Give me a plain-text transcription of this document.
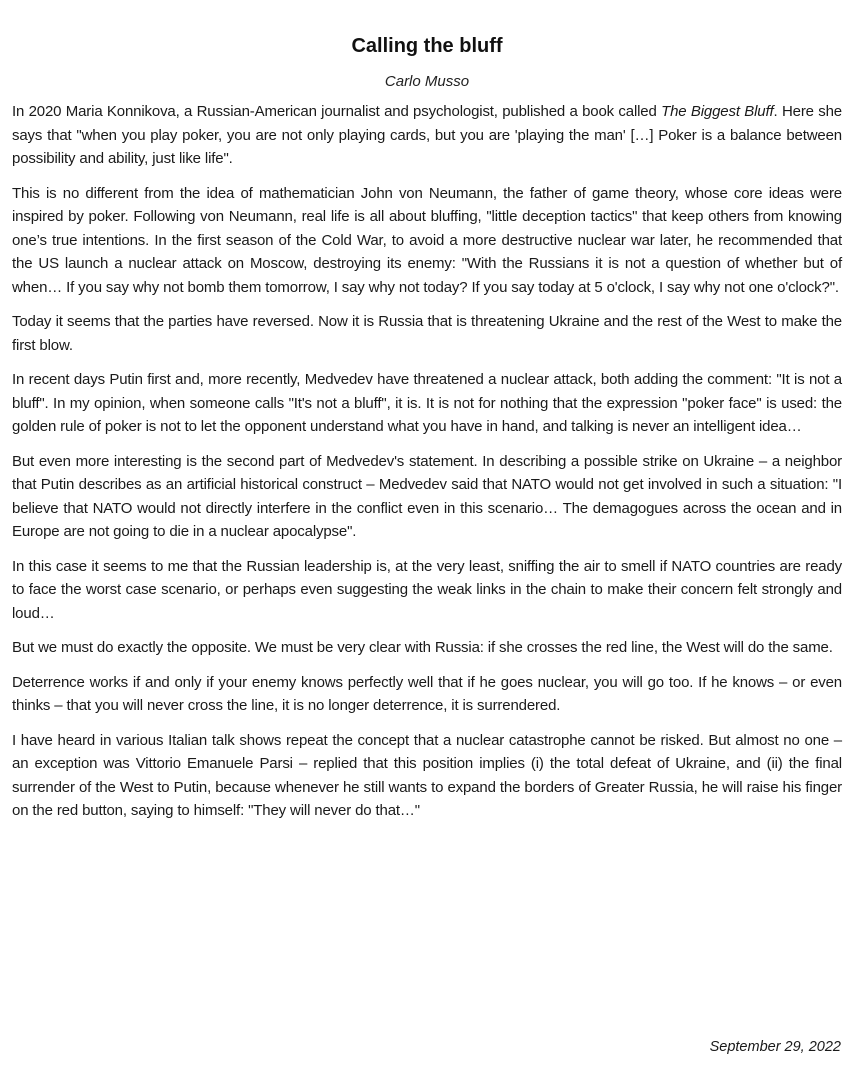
Calling the bluff
Carlo Musso

In 2020 Maria Konnikova, a Russian-American journalist and psychologist, published a book called The Biggest Bluff. Here she says that "when you play poker, you are not only playing cards, but you are 'playing the man' […] Poker is a balance between possibility and ability, just like life".

This is no different from the idea of mathematician John von Neumann, the father of game theory, whose core ideas were inspired by poker. Following von Neumann, real life is all about bluffing, "little deception tactics" that keep others from knowing one’s true intentions. In the first season of the Cold War, to avoid a more destructive nuclear war later, he recommended that the US launch a nuclear attack on Moscow, destroying its enemy: "With the Russians it is not a question of whether but of when… If you say why not bomb them tomorrow, I say why not today? If you say today at 5 o'clock, I say why not one o'clock?".

Today it seems that the parties have reversed. Now it is Russia that is threatening Ukraine and the rest of the West to make the first blow.

In recent days Putin first and, more recently, Medvedev have threatened a nuclear attack, both adding the comment: "It is not a bluff". In my opinion, when someone calls "It's not a bluff", it is. It is not for nothing that the expression "poker face" is used: the golden rule of poker is not to let the opponent understand what you have in hand, and talking is never an intelligent idea…

But even more interesting is the second part of Medvedev's statement. In describing a possible strike on Ukraine – a neighbor that Putin describes as an artificial historical construct – Medvedev said that NATO would not get involved in such a situation: "I believe that NATO would not directly interfere in the conflict even in this scenario… The demagogues across the ocean and in Europe are not going to die in a nuclear apocalypse".

In this case it seems to me that the Russian leadership is, at the very least, sniffing the air to smell if NATO countries are ready to face the worst case scenario, or perhaps even suggesting the weak links in the chain to make their concern felt strongly and loud…

But we must do exactly the opposite. We must be very clear with Russia: if she crosses the red line, the West will do the same.

Deterrence works if and only if your enemy knows perfectly well that if he goes nuclear, you will go too. If he knows – or even thinks – that you will never cross the line, it is no longer deterrence, it is surrendered.

I have heard in various Italian talk shows repeat the concept that a nuclear catastrophe cannot be risked. But almost no one – an exception was Vittorio Emanuele Parsi – replied that this position implies (i) the total defeat of Ukraine, and (ii) the final surrender of the West to Putin, because whenever he still wants to expand the borders of Greater Russia, he will raise his finger on the red button, saying to himself: "They will never do that…"

September 29, 2022
